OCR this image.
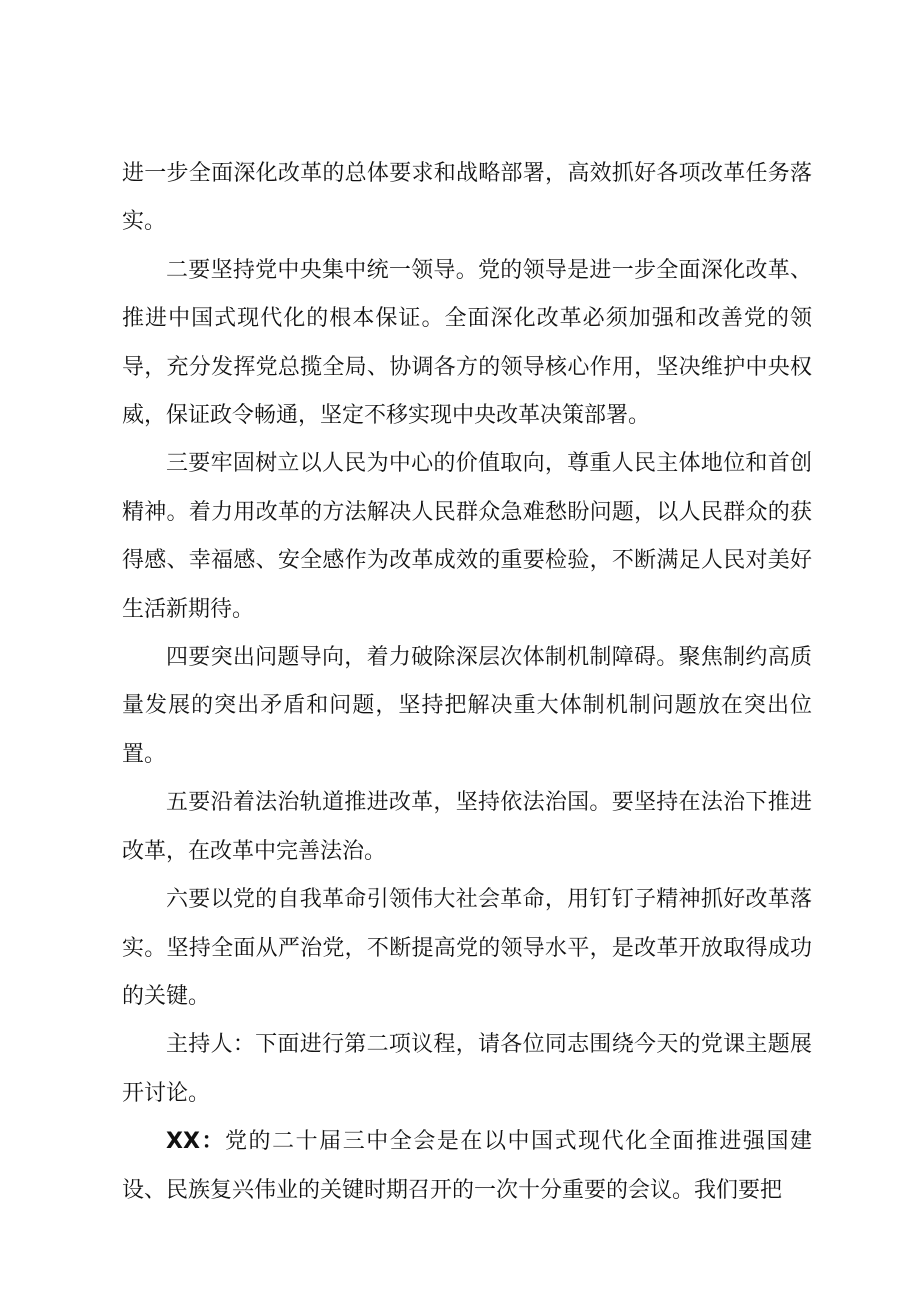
进一步全面深化改革的总体要求和战略部署，高效抓好各项改革任务落实。

二要坚持党中央集中统一领导。党的领导是进一步全面深化改革、推进中国式现代化的根本保证。全面深化改革必须加强和改善党的领导，充分发挥党总揽全局、协调各方的领导核心作用，坚决维护中央权威，保证政令畅通，坚定不移实现中央改革决策部署。

三要牢固树立以人民为中心的价值取向，尊重人民主体地位和首创精神。着力用改革的方法解决人民群众急难愁盼问题，以人民群众的获得感、幸福感、安全感作为改革成效的重要检验，不断满足人民对美好生活新期待。

四要突出问题导向，着力破除深层次体制机制障碍。聚焦制约高质量发展的突出矛盾和问题，坚持把解决重大体制机制问题放在突出位置。

五要沿着法治轨道推进改革，坚持依法治国。要坚持在法治下推进改革，在改革中完善法治。

六要以党的自我革命引领伟大社会革命，用钉钉子精神抓好改革落实。坚持全面从严治党，不断提高党的领导水平，是改革开放取得成功的关键。

主持人：下面进行第二项议程，请各位同志围绕今天的党课主题展开讨论。

XX：党的二十届三中全会是在以中国式现代化全面推进强国建设、民族复兴伟业的关键时期召开的一次十分重要的会议。我们要把
